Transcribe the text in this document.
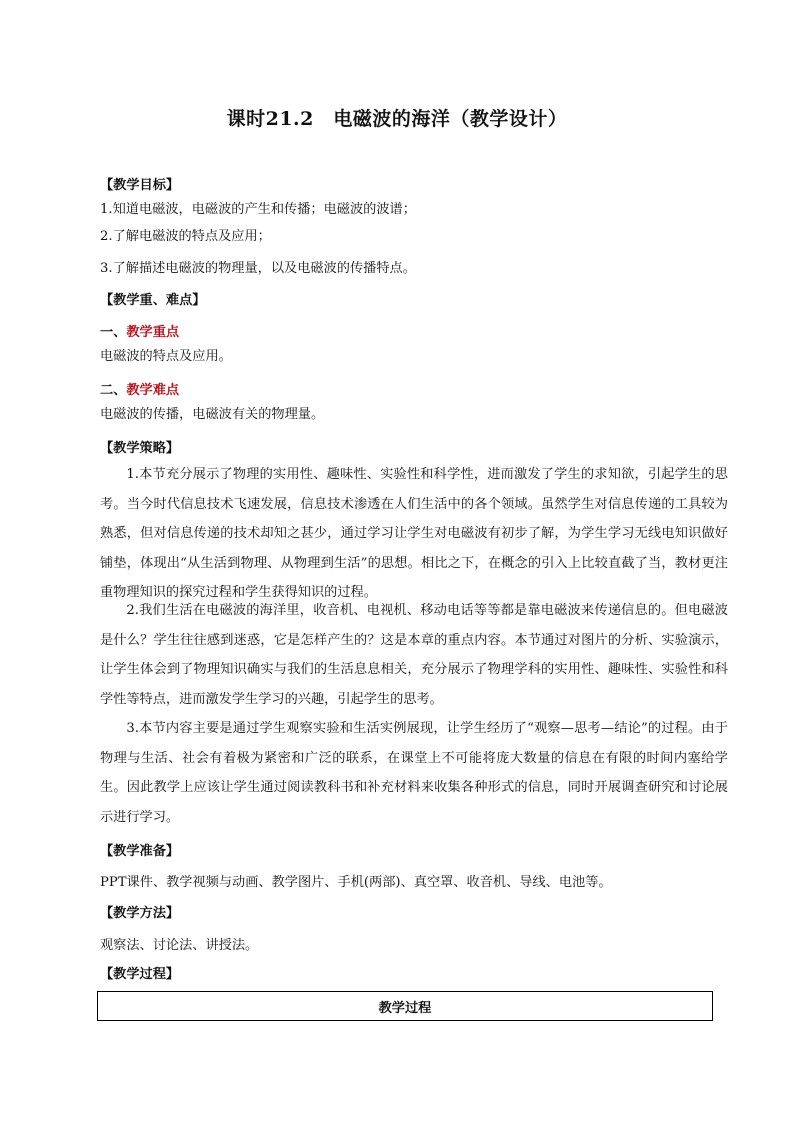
课时21.2　电磁波的海洋（教学设计）
【教学目标】
1.知道电磁波，电磁波的产生和传播；电磁波的波谱；
2.了解电磁波的特点及应用；
3.了解描述电磁波的物理量，以及电磁波的传播特点。
【教学重、难点】
一、教学重点
电磁波的特点及应用。
二、教学难点
电磁波的传播，电磁波有关的物理量。
【教学策略】
1.本节充分展示了物理的实用性、趣味性、实验性和科学性，进而激发了学生的求知欲，引起学生的思考。当今时代信息技术飞速发展，信息技术渗透在人们生活中的各个领域。虽然学生对信息传递的工具较为熟悉，但对信息传递的技术却知之甚少，通过学习让学生对电磁波有初步了解，为学生学习无线电知识做好铺垫，体现出“从生活到物理、从物理到生活”的思想。相比之下，在概念的引入上比较直截了当，教材更注重物理知识的探究过程和学生获得知识的过程。
2.我们生活在电磁波的海洋里，收音机、电视机、移动电话等等都是靠电磁波来传递信息的。但电磁波是什么？学生往往感到迷惑，它是怎样产生的？这是本章的重点内容。本节通过对图片的分析、实验演示，让学生体会到了物理知识确实与我们的生活息息相关，充分展示了物理学科的实用性、趣味性、实验性和科学性等特点，进而激发学生学习的兴趣，引起学生的思考。
3.本节内容主要是通过学生观察实验和生活实例展现，让学生经历了“观察—思考—结论”的过程。由于物理与生活、社会有着极为紧密和广泛的联系，在课堂上不可能将庞大数量的信息在有限的时间内塞给学生。因此教学上应该让学生通过阅读教科书和补充材料来收集各种形式的信息，同时开展调查研究和讨论展示进行学习。
【教学准备】
PPT课件、教学视频与动画、教学图片、手机(两部)、真空罩、收音机、导线、电池等。
【教学方法】
观察法、讨论法、讲授法。
【教学过程】
教学过程
